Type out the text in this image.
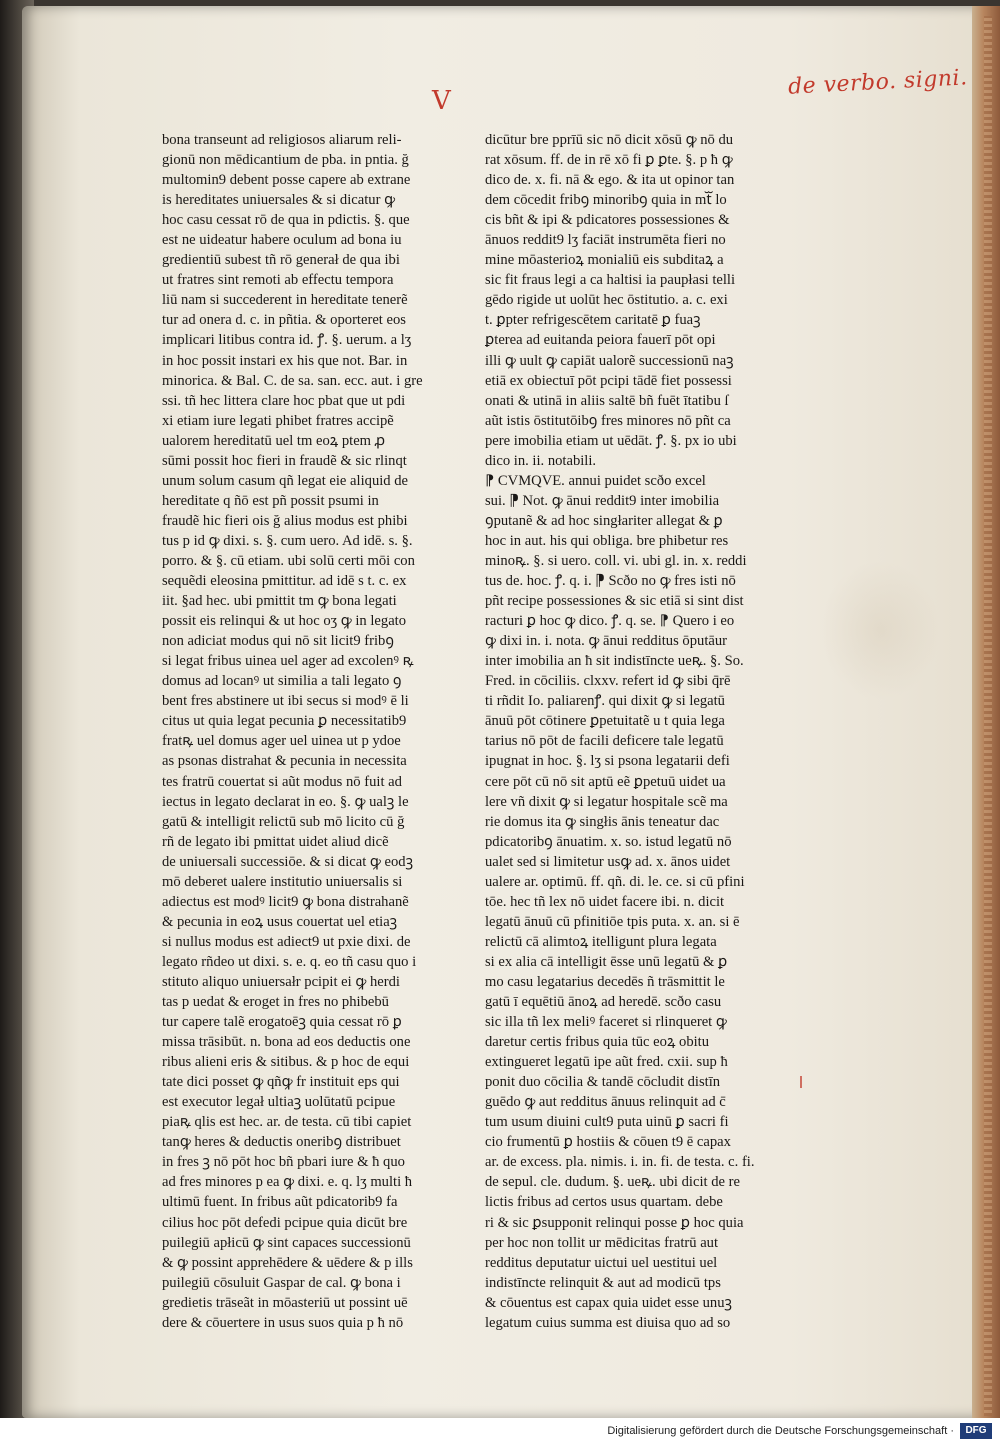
V
de verbo. signi.
bona transeunt ad religiosos aliarum reli-
gionū non mēdicantium de pba. in pntia. ğ
multomin9 debent posse capere ab extrane
is hereditates uniuersales & si dicatur ꝙ
hoc casu cessat rō de qua in pdictis. §. que
est ne uideatur habere oculum ad bona iu
gredientiū subest tñ rō generał de qua ibi
ut fratres sint remoti ab effectu tempora
liū nam si succederent in hereditate tenerẽ
tur ad onera d. c. in pñtia. & oporteret eos
implicari litibus contra id. ꝭ. §. uerum. a lʒ
in hoc possit instari ex his que not. Bar. in
minorica. & Bal. C. de sa. san. ecc. aut. i gre
ssi. tñ hec littera clare hoc pbat que ut pdi
xi etiam iure legati phibet fratres accipẽ
ualorem hereditatū uel tm eoꝝ ptem ꝓ
sūmi possit hoc fieri in fraudẽ & sic rlinqt
unum solum casum qñ legat eie aliquid de
hereditate q ñō est pñ possit psumi in
fraudẽ hic fieri ois ğ alius modus est phibi
tus p id ꝙ dixi. s. §. cum uero. Ad idē. s. §.
porro. & §. cū etiam. ubi solū certi mōi con
sequẽdi eleosina pmittitur. ad idē s t. c. ex
iit. §ad hec. ubi pmittit tm ꝙ bona legati
possit eis relinqui & ut hoc oʒ ꝙ in legato
non adiciat modus qui nō sit licit9 fribꝯ
si legat fribus uinea uel ager ad excolenꝰ ꝶ
domus ad locanꝰ ut similia a tali legato ꝯ
bent fres abstinere ut ibi secus si modꝰ ē li
citus ut quia legat pecunia ꝑ necessitatib9
fratꝶ uel domus ager uel uinea ut p ydoe
as psonas distrahat & pecunia in necessita
tes fratrū couertat si aũt modus nō fuit ad
iectus in legato declarat in eo. §. ꝙ ualꝫ le
gatū & intelligit relictū sub mō licito cū ğ
rñ de legato ibi pmittat uidet aliud dicẽ
de uniuersali successiōe. & si dicat ꝙ eodꝫ
mō deberet ualere institutio uniuersalis si
adiectus est modꝰ licit9 ꝙ bona distrahanẽ
& pecunia in eoꝝ usus couertat uel etiaꝫ
si nullus modus est adiect9 ut pxie dixi. de
legato rñdeo ut dixi. s. e. q. eo tñ casu quo i
stituto aliquo uniuersałr pcipit ei ꝙ herdi
tas p uedat & eroget in fres no phibebū
tur capere talẽ erogatoēꝫ quia cessat rō ꝑ
missa trāsibūt. n. bona ad eos deductis one
ribus alieni eris & sitibus. & p hoc de equi
tate dici posset ꝙ qñꝙ fr instituit eps qui
est executor legał ultiaꝫ uolūtatū pcipue
piaꝶ qlis est hec. ar. de testa. cū tibi capiet
tanꝙ heres & deductis oneribꝯ distribuet
in fres ꝫ nō pōt hoc bñ pbari iure & ħ quo
ad fres minores p ea ꝙ dixi. e. q. lʒ multi ħ
ultimū fuent. In fribus aũt pdicatorib9 fa
cilius hoc pōt defedi pcipue quia dicūt bre
puilegiū apłicū ꝙ sint capaces successionū
& ꝙ possint apprehēdere & uēdere & p ills
puilegiū cōsuluit Gaspar de cal. ꝙ bona i
gredietis trāseãt in mōasteriū ut possint uē
dere & cōuertere in usus suos quia p ħ nō
dicūtur bre pprīū sic nō dicit xōsū ꝙ nō du
rat xōsum. ff. de in rē xō fi ꝑ ꝑte. §. p ħ ꝙ
dico de. x. fi. nā & ego. & ita ut opinor tan
dem cōcedit fribꝯ minoribꝯ quia in mtᷓ lo
cis bñt & ipi & pdicatores possessiones &
ānuos reddit9 lʒ faciāt instrumēta fieri no
mine mōasterioꝝ monialiū eis subditaꝝ a
sic fit fraus legi a ca haltisi ia paupłasi telli
gēdo rigide ut uolūt hec ōstitutio. a. c. exi
t. ꝑpter refrigescētem caritatē ꝑ fuaꝫ
ꝑterea ad euitanda peiora fauerī pōt opi
illi ꝙ uult ꝙ capiāt ualorẽ successionū naꝫ
etiā ex obiectuī pōt pcipi tādē fiet possessi
onati & utinā in aliis saltē bñ fuēt ītatibu ſ
aũt istis ōstitutōibꝯ fres minores nō pñt ca
pere imobilia etiam ut uēdāt. ꝭ. §. px io ubi
dico in. ii. notabili.
⁋ CVMQVE. annui puidet scðo excel
sui. ⁋ Not. ꝙ ānui reddit9 inter imobilia
ꝯputanẽ & ad hoc singłariter allegat & ꝑ
hoc in aut. his qui obliga. bre phibetur res
minoꝶ. §. si uero. coll. vi. ubi gl. in. x. reddi
tus de. hoc. ꝭ. q. i. ⁋ Scðo no ꝙ fres isti nō
pñt recipe possessiones & sic etiā si sint dist
racturi ꝑ hoc ꝙ dico. ꝭ. q. se. ⁋ Quero i eo
ꝙ dixi in. i. nota. ꝙ ānui redditus ōputāur
inter imobilia an ħ sit indistīncte ueꝶ. §. So.
Fred. in cōciliis. clxxv. refert id ꝙ sibi q̄rē
ti rñdit Io. paliarenꝭ. qui dixit ꝙ si legatū
ānuū pōt cōtinere ꝑpetuitatẽ u t quia lega
tarius nō pōt de facili deficere tale legatū
ipugnat in hoc. §. lʒ si psona legatarii defi
cere pōt cū nō sit aptū eẽ ꝑpetuū uidet ua
lere vñ dixit ꝙ si legatur hospitale scẽ ma
rie domus ita ꝙ singłis ānis teneatur dac
pdicatoribꝯ ānuatim. x. so. istud legatū nō
ualet sed si limitetur usꝙ ad. x. ānos uidet
ualere ar. optimū. ff. qñ. di. le. ce. si cū pfini
tōe. hec tñ lex nō uidet facere ibi. n. dicit
legatū ānuū cū pfinitiōe tpis puta. x. an. si ē
relictū cā alimtoꝝ itelligunt plura legata
si ex alia cā intelligit ēsse unū legatū & ꝑ
mo casu legatarius decedēs ñ trāsmittit le
gatū ī equētiū ānoꝝ ad heredē. scðo casu
sic illa tñ lex meliꝰ faceret si rlinqueret ꝙ
daretur certis fribus quia tūc eoꝝ obitu
extingueret legatū ipe aũt fred. cxii. sup ħ
ponit duo cōcilia & tandē cōcludit distīn
guēdo ꝙ aut redditus ānuus relinquit ad c̄
tum usum diuini cult9 puta uinū ꝑ sacri fi
cio frumentū ꝑ hostiis & cōuen t9 ē capax
ar. de excess. pla. nimis. i. in. fi. de testa. c. fi.
de sepul. cle. dudum. §. ueꝶ. ubi dicit de re
lictis fribus ad certos usus quartam. debe
ri & sic ꝑsupponit relinqui posse ꝑ hoc quia
per hoc non tollit ur mēdicitas fratrū aut
redditus deputatur uictui uel uestitui uel
indistīncte relinquit & aut ad modicū tps
& cōuentus est capax quia uidet esse unuꝫ
legatum cuius summa est diuisa quo ad so
Digitalisierung gefördert durch die Deutsche Forschungsgemeinschaft ·	DFG
